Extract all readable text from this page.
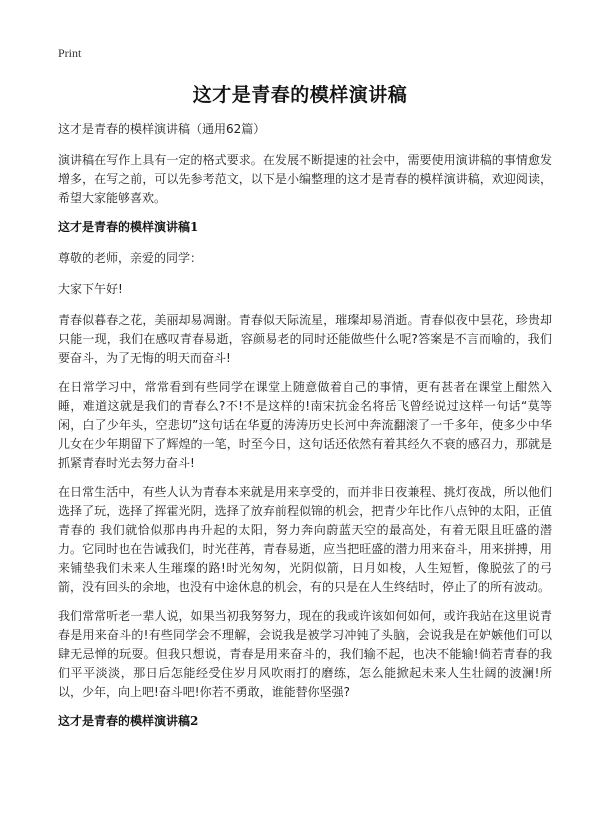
Print
这才是青春的模样演讲稿
这才是青春的模样演讲稿（通用62篇）

演讲稿在写作上具有一定的格式要求。在发展不断提速的社会中，需要使用演讲稿的事情愈发增多，在写之前，可以先参考范文，以下是小编整理的这才是青春的模样演讲稿，欢迎阅读，希望大家能够喜欢。

这才是青春的模样演讲稿1

尊敬的老师，亲爱的同学：

大家下午好!

青春似暮春之花，美丽却易凋谢。青春似天际流星，璀璨却易消逝。青春似夜中昙花，珍贵却只能一现，我们在感叹青春易逝，容颜易老的同时还能做些什么呢?答案是不言而喻的，我们要奋斗，为了无悔的明天而奋斗!

在日常学习中，常常看到有些同学在课堂上随意做着自己的事情，更有甚者在课堂上酣然入睡，难道这就是我们的青春么?不!不是这样的!南宋抗金名将岳飞曾经说过这样一句话“莫等闲，白了少年头，空悲切”这句话在华夏的涛涛历史长河中奔流翻滚了一千多年，使多少中华儿女在少年期留下了辉煌的一笔，时至今日，这句话还依然有着其经久不衰的感召力，那就是抓紧青春时光去努力奋斗!

在日常生活中，有些人认为青春本来就是用来享受的，而并非日夜兼程、挑灯夜战，所以他们选择了玩，选择了挥霍光阴，选择了放弃前程似锦的机会，把青少年比作八点钟的太阳，正值青春的 我们就恰似那冉冉升起的太阳，努力奔向蔚蓝天空的最高处，有着无限且旺盛的潜力。它同时也在告诫我们，时光荏苒，青春易逝，应当把旺盛的潜力用来奋斗，用来拼搏，用来铺垫我们未来人生璀璨的路!时光匆匆，光阴似箭，日月如梭，人生短暂，像脱弦了的弓箭，没有回头的余地，也没有中途休息的机会，有的只是在人生终结时，停止了的所有波动。

我们常常听老一辈人说，如果当初我努努力，现在的我或许该如何如何，或许我站在这里说青春是用来奋斗的!有些同学会不理解，会说我是被学习冲钝了头脑，会说我是在妒嫉他们可以肆无忌惮的玩耍。但我只想说，青春是用来奋斗的，我们输不起，也决不能输!倘若青春的我们平平淡淡，那日后怎能经受住岁月风吹雨打的磨练，怎么能掀起未来人生壮阔的波澜!所以，少年，向上吧!奋斗吧!你若不勇敢，谁能替你坚强?

这才是青春的模样演讲稿2
